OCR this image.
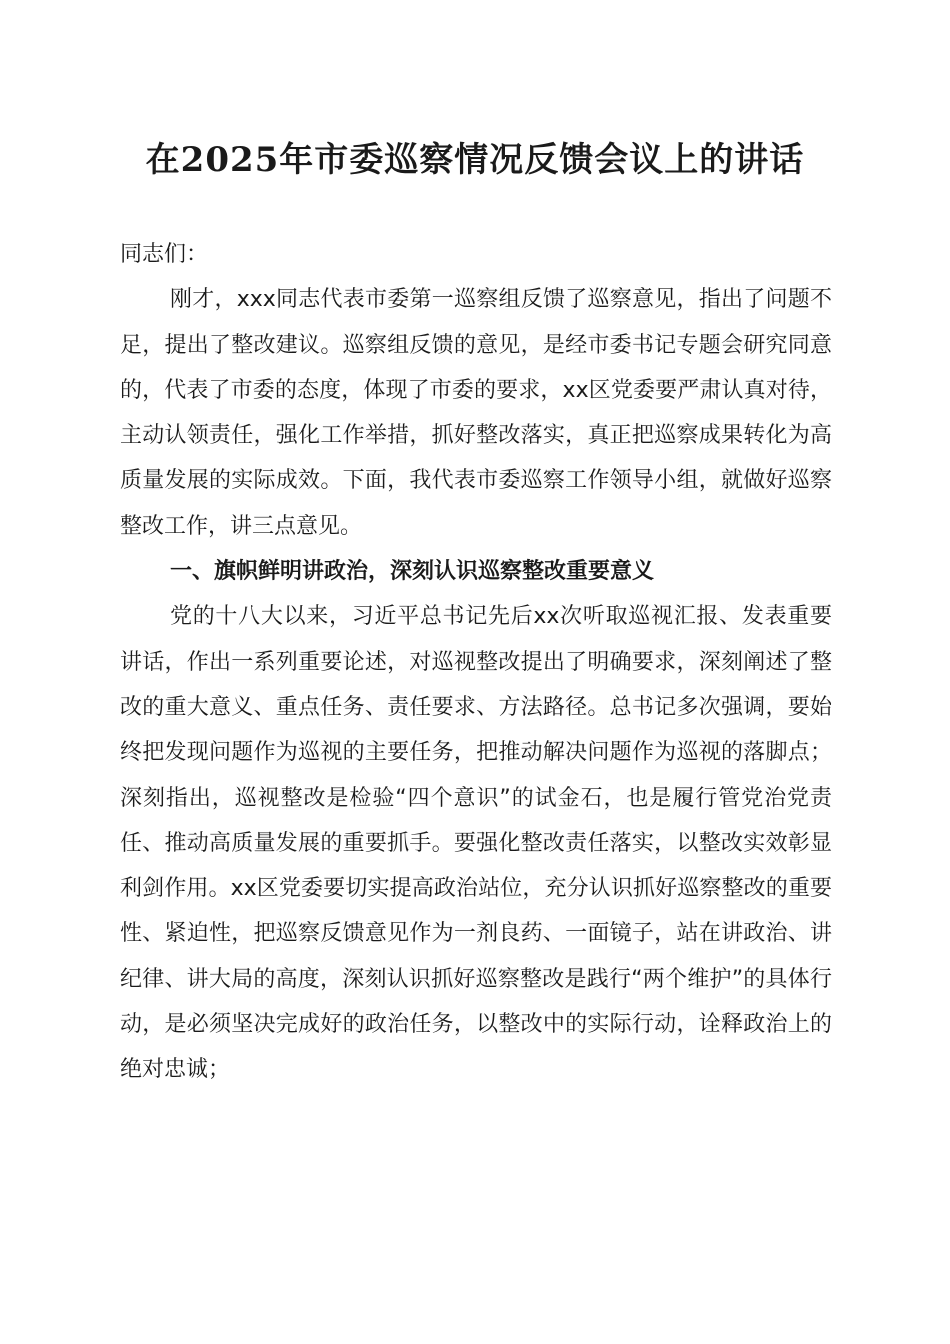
在2025年市委巡察情况反馈会议上的讲话

同志们：

刚才，xxx同志代表市委第一巡察组反馈了巡察意见，指出了问题不足，提出了整改建议。巡察组反馈的意见，是经市委书记专题会研究同意的，代表了市委的态度，体现了市委的要求，xx区党委要严肃认真对待，主动认领责任，强化工作举措，抓好整改落实，真正把巡察成果转化为高质量发展的实际成效。下面，我代表市委巡察工作领导小组，就做好巡察整改工作，讲三点意见。

一、旗帜鲜明讲政治，深刻认识巡察整改重要意义

党的十八大以来，习近平总书记先后xx次听取巡视汇报、发表重要讲话，作出一系列重要论述，对巡视整改提出了明确要求，深刻阐述了整改的重大意义、重点任务、责任要求、方法路径。总书记多次强调，要始终把发现问题作为巡视的主要任务，把推动解决问题作为巡视的落脚点；深刻指出，巡视整改是检验“四个意识”的试金石，也是履行管党治党责任、推动高质量发展的重要抓手。要强化整改责任落实，以整改实效彰显利剑作用。xx区党委要切实提高政治站位，充分认识抓好巡察整改的重要性、紧迫性，把巡察反馈意见作为一剂良药、一面镜子，站在讲政治、讲纪律、讲大局的高度，深刻认识抓好巡察整改是践行“两个维护”的具体行动，是必须坚决完成好的政治任务，以整改中的实际行动，诠释政治上的绝对忠诚；
